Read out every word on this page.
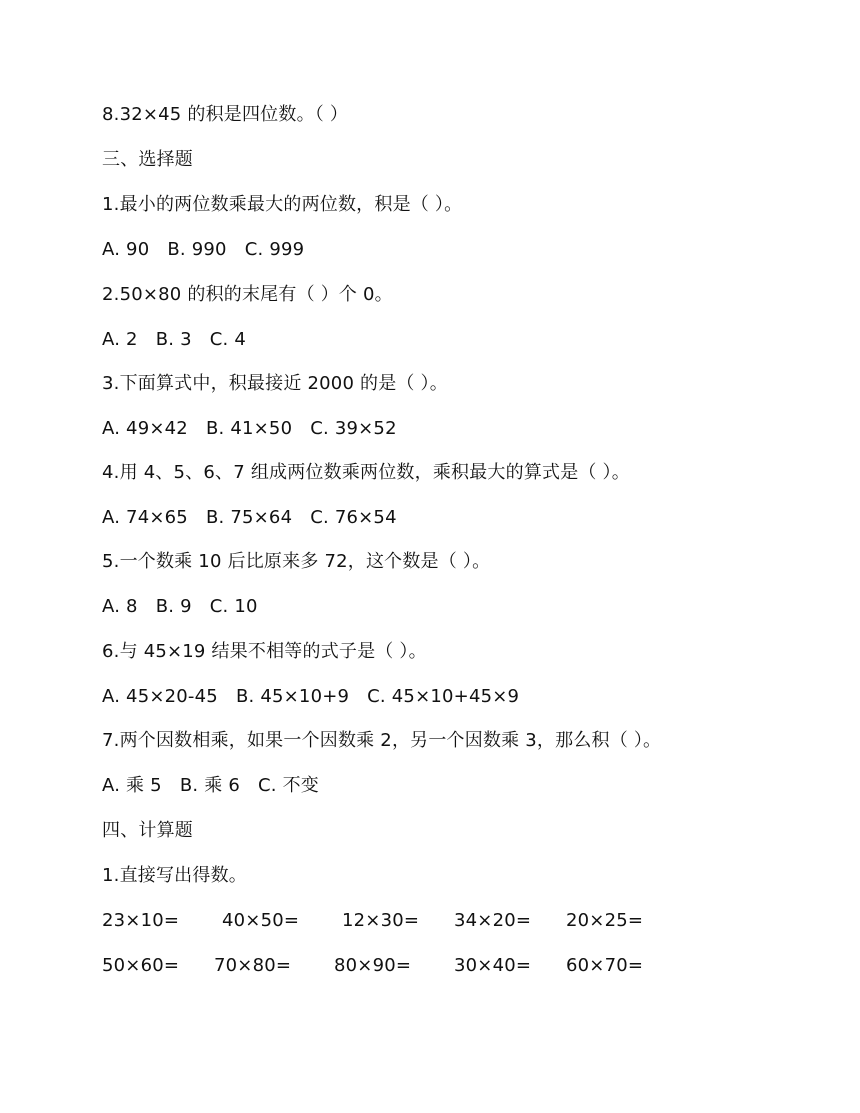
8.32×45 的积是四位数。（ ）
三、选择题
1.最小的两位数乘最大的两位数，积是（ ）。
A. 90 B. 990 C. 999
2.50×80 的积的末尾有（ ）个 0。
A. 2 B. 3 C. 4
3.下面算式中，积最接近 2000 的是（ ）。
A. 49×42 B. 41×50 C. 39×52
4.用 4、5、6、7 组成两位数乘两位数，乘积最大的算式是（ ）。
A. 74×65 B. 75×64 C. 76×54
5.一个数乘 10 后比原来多 72，这个数是（ ）。
A. 8 B. 9 C. 10
6.与 45×19 结果不相等的式子是（ ）。
A. 45×20-45 B. 45×10+9 C. 45×10+45×9
7.两个因数相乘，如果一个因数乘 2，另一个因数乘 3，那么积（ ）。
A. 乘 5 B. 乘 6 C. 不变
四、计算题
1.直接写出得数。
23×10= 40×50= 12×30= 34×20= 20×25=
50×60= 70×80= 80×90= 30×40= 60×70=
